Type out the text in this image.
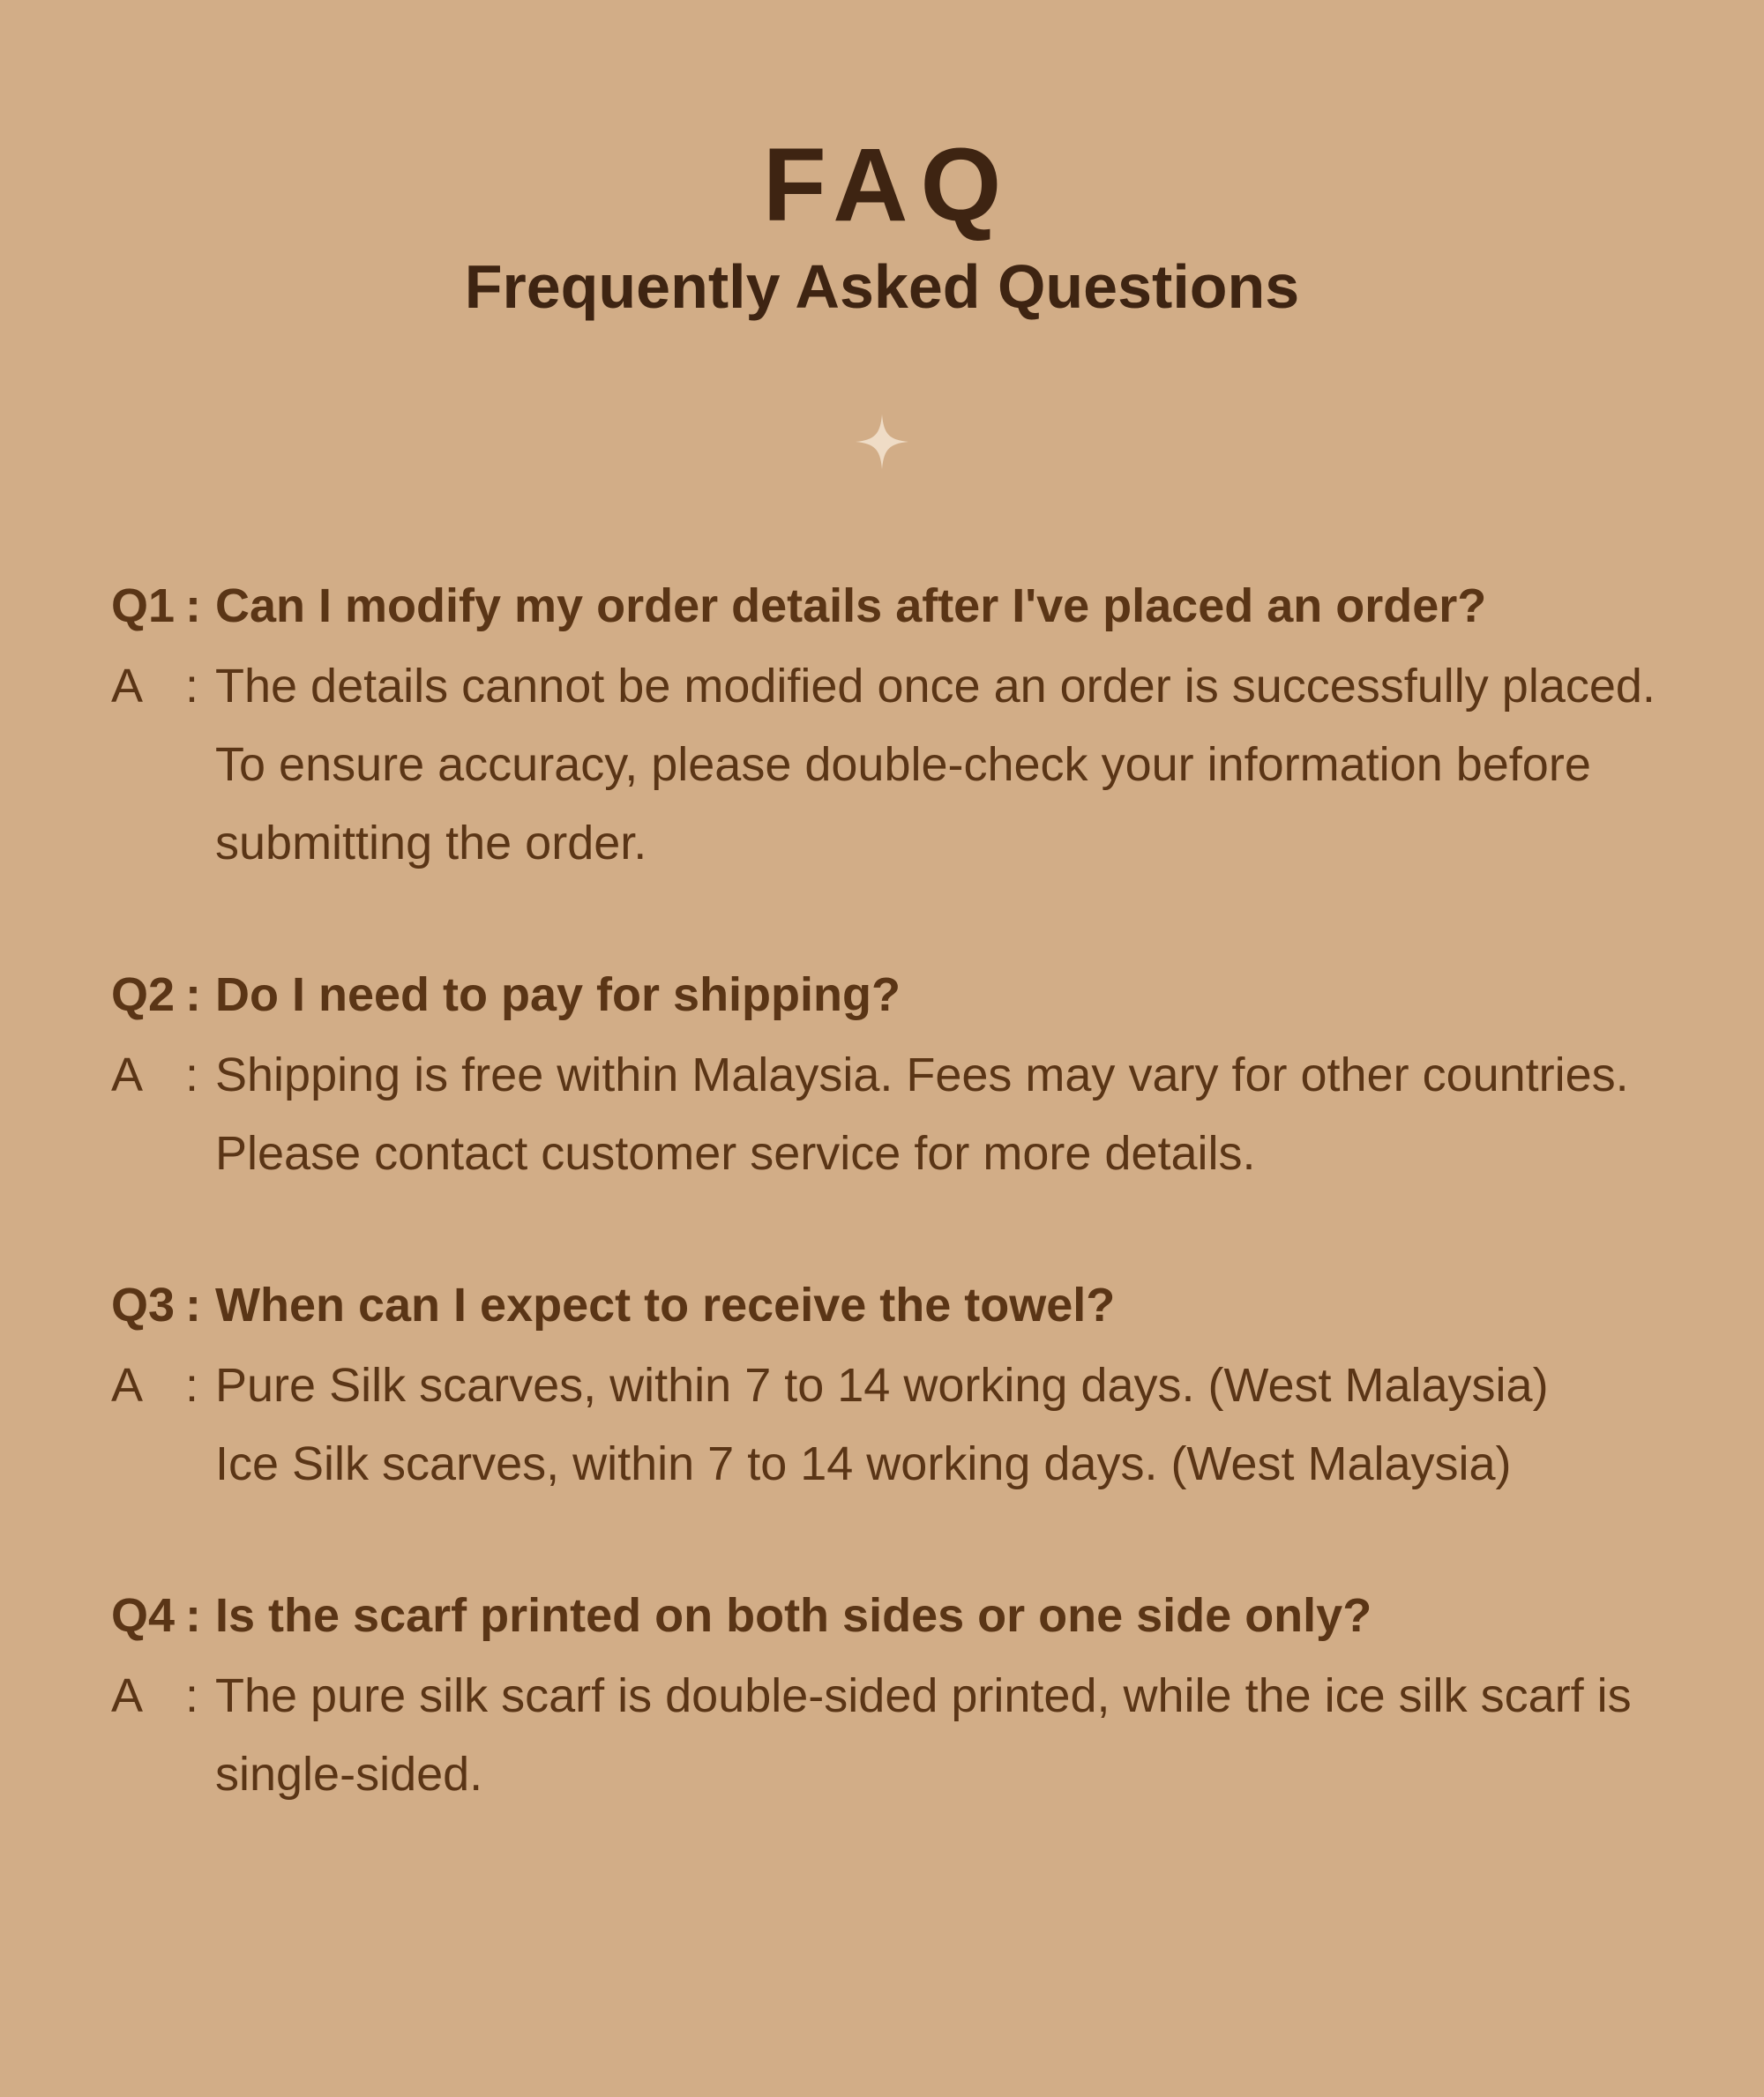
FAQ
Frequently Asked Questions
Q1 : Can I modify my order details after I've placed an order?
A : The details cannot be modified once an order is successfully placed.
To ensure accuracy, please double-check your information before submitting the order.
Q2 : Do I need to pay for shipping?
A : Shipping is free within Malaysia. Fees may vary for other countries.
Please contact customer service for more details.
Q3 : When can I expect to receive the towel?
A : Pure Silk scarves, within 7 to 14 working days. (West Malaysia)
Ice Silk scarves, within 7 to 14 working days. (West Malaysia)
Q4 : Is the scarf printed on both sides or one side only?
A : The pure silk scarf is double-sided printed, while the ice silk scarf is single-sided.
